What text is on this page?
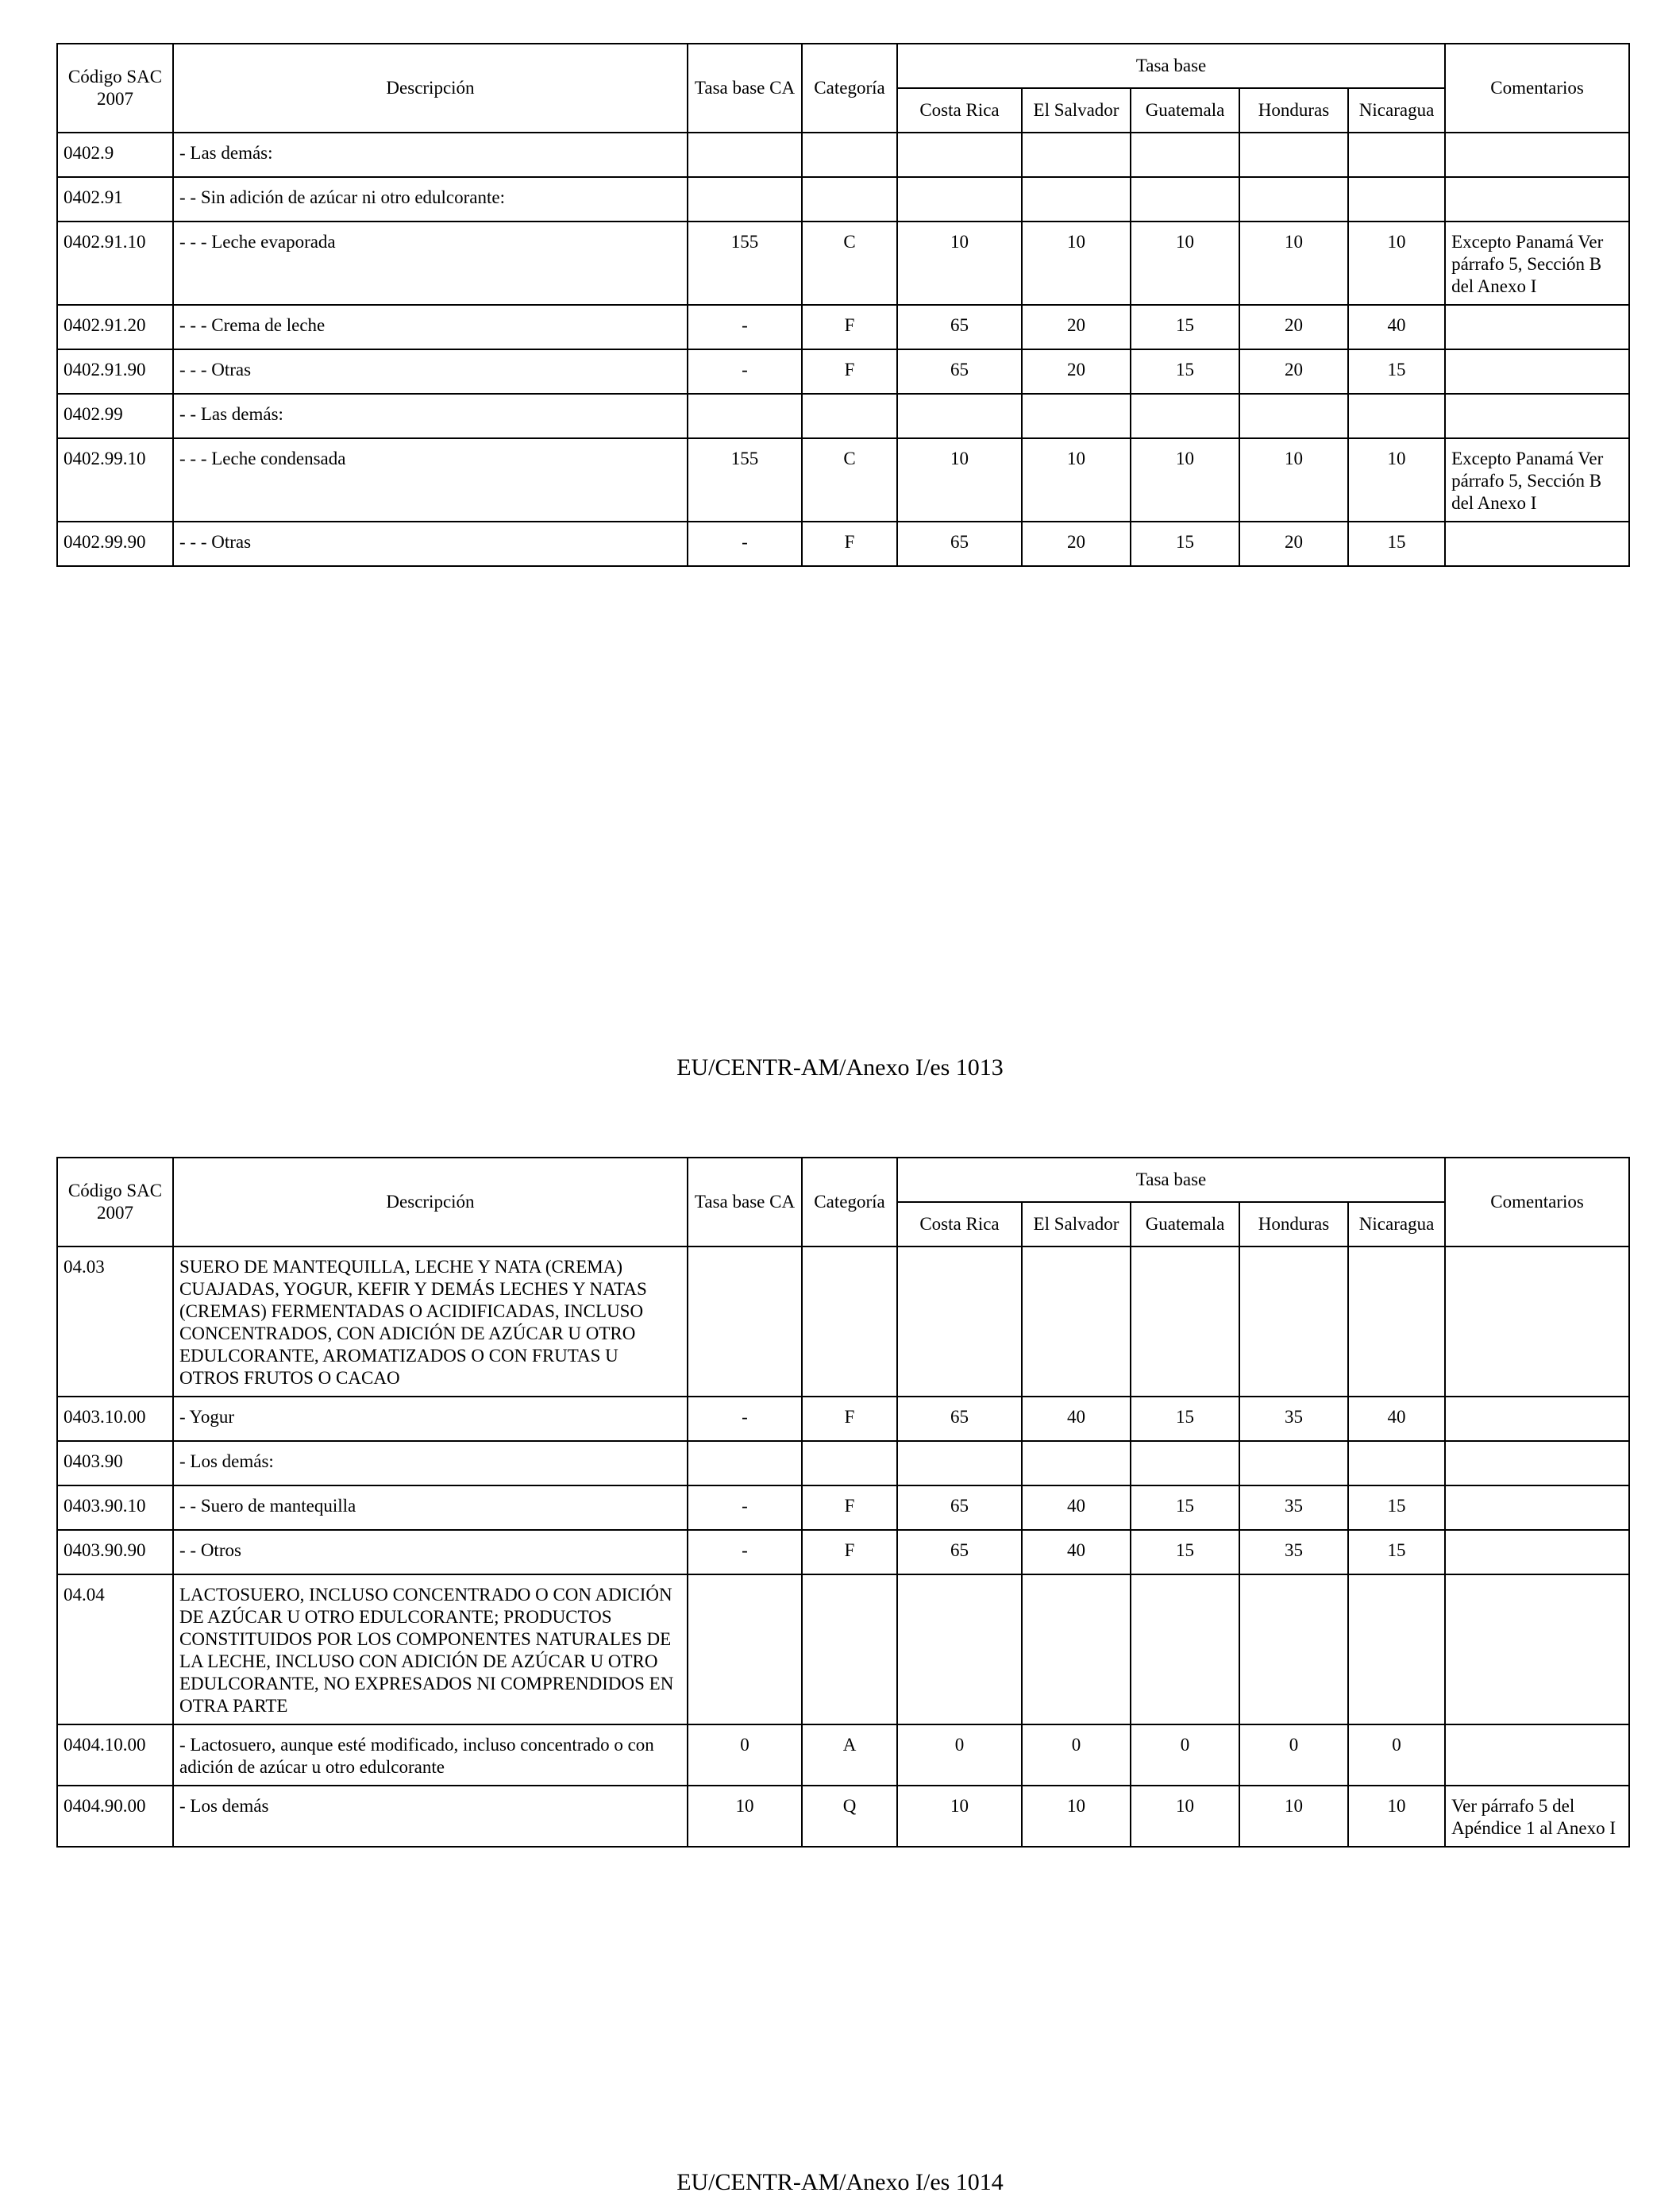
Código SAC 2007	Descripción	Tasa base CA	Categoría	Tasa base					Comentarios
				Costa Rica	El Salvador	Guatemala	Honduras	Nicaragua	
0402.9	- Las demás:								
0402.91	- - Sin adición de azúcar ni otro edulcorante:								
0402.91.10	- - - Leche evaporada	155	C	10	10	10	10	10	Excepto Panamá Ver párrafo 5, Sección B del Anexo I
0402.91.20	- - - Crema de leche	-	F	65	20	15	20	40	
0402.91.90	- - - Otras	-	F	65	20	15	20	15	
0402.99	- - Las demás:								
0402.99.10	- - - Leche condensada	155	C	10	10	10	10	10	Excepto Panamá Ver párrafo 5, Sección B del Anexo I
0402.99.90	- - - Otras	-	F	65	20	15	20	15	
EU/CENTR-AM/Anexo I/es 1013
Código SAC 2007	Descripción	Tasa base CA	Categoría	Tasa base					Comentarios
				Costa Rica	El Salvador	Guatemala	Honduras	Nicaragua	
04.03	SUERO DE MANTEQUILLA, LECHE Y NATA (CREMA) CUAJADAS, YOGUR, KEFIR Y DEMÁS LECHES Y NATAS (CREMAS) FERMENTADAS O ACIDIFICADAS, INCLUSO CONCENTRADOS, CON ADICIÓN DE AZÚCAR U OTRO EDULCORANTE, AROMATIZADOS O CON FRUTAS U OTROS FRUTOS O CACAO								
0403.10.00	- Yogur	-	F	65	40	15	35	40	
0403.90	- Los demás:								
0403.90.10	- - Suero de mantequilla	-	F	65	40	15	35	15	
0403.90.90	- - Otros	-	F	65	40	15	35	15	
04.04	LACTOSUERO, INCLUSO CONCENTRADO O CON ADICIÓN DE AZÚCAR U OTRO EDULCORANTE; PRODUCTOS CONSTITUIDOS POR LOS COMPONENTES NATURALES DE LA LECHE, INCLUSO CON ADICIÓN DE AZÚCAR U OTRO EDULCORANTE, NO EXPRESADOS NI COMPRENDIDOS EN OTRA PARTE								
0404.10.00	- Lactosuero, aunque esté modificado, incluso concentrado o con adición de azúcar u otro edulcorante	0	A	0	0	0	0	0	
0404.90.00	- Los demás	10	Q	10	10	10	10	10	Ver párrafo 5 del Apéndice 1 al Anexo I
EU/CENTR-AM/Anexo I/es 1014
